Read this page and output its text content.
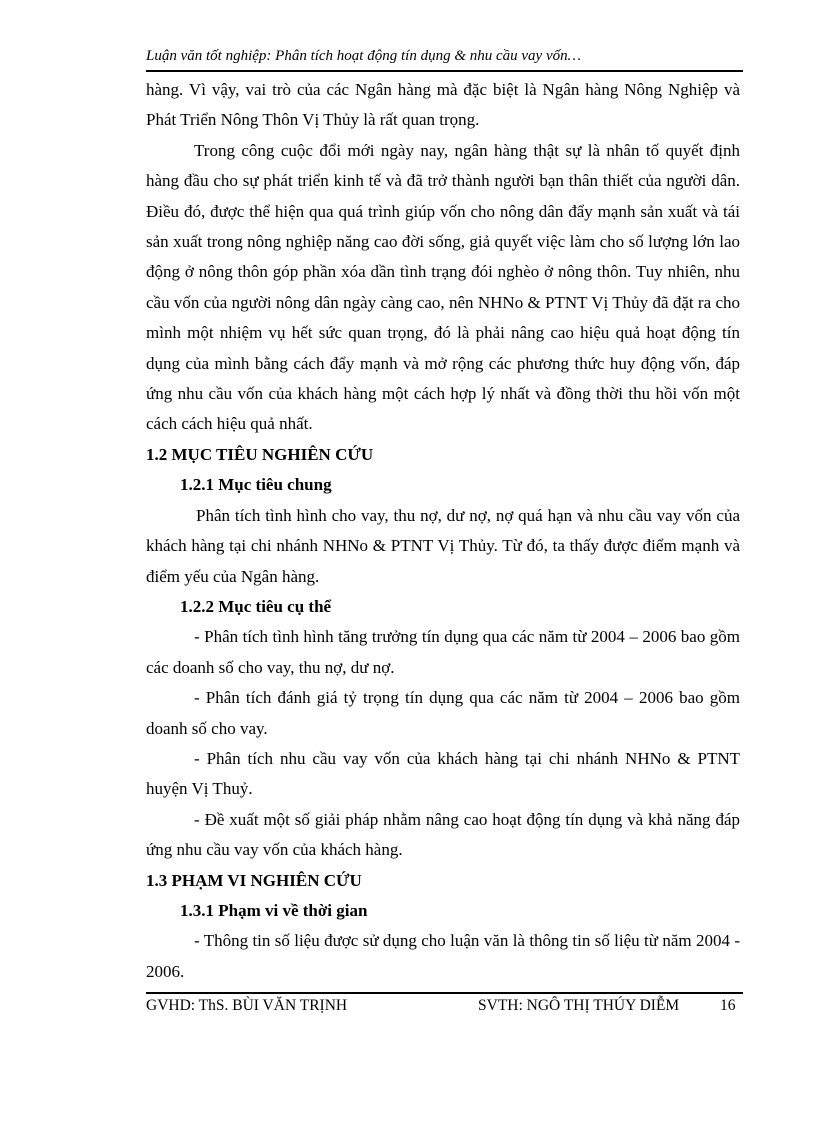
Luận văn tốt nghiệp: Phân tích hoạt động tín dụng & nhu cầu vay vốn…

hàng. Vì vậy, vai trò của các Ngân hàng mà đặc biệt là Ngân hàng Nông Nghiệp và Phát Triển Nông Thôn Vị Thủy là rất quan trọng.

Trong công cuộc đổi mới ngày nay, ngân hàng thật sự là nhân tố quyết định hàng đầu cho sự phát triển kinh tế và đã trở thành người bạn thân thiết của người dân. Điều đó, được thể hiện qua quá trình giúp vốn cho nông dân đẩy mạnh sản xuất và tái sản xuất trong nông nghiệp năng cao đời sống, giả quyết việc làm cho số lượng lớn lao động ở nông thôn góp phần xóa dần tình trạng đói nghèo ở nông thôn. Tuy nhiên, nhu cầu vốn của người nông dân ngày càng cao, nên NHNo & PTNT Vị Thủy đã đặt ra cho mình một nhiệm vụ hết sức quan trọng, đó là phải nâng cao hiệu quả hoạt động tín dụng của mình bằng cách đẩy mạnh và mở rộng các phương thức huy động vốn, đáp ứng nhu cầu vốn của khách hàng một cách hợp lý nhất và đồng thời thu hồi vốn một cách cách hiệu quả nhất.

1.2 MỤC TIÊU NGHIÊN CỨU
1.2.1 Mục tiêu chung

Phân tích tình hình cho vay, thu nợ, dư nợ, nợ quá hạn và nhu cầu vay vốn của khách hàng tại chi nhánh NHNo & PTNT Vị Thủy. Từ đó, ta thấy được điểm mạnh và điểm yếu của Ngân hàng.

1.2.2 Mục tiêu cụ thể

- Phân tích tình hình tăng trưởng tín dụng qua các năm từ 2004 – 2006 bao gồm các doanh số cho vay, thu nợ, dư nợ.

- Phân tích đánh giá tỷ trọng tín dụng qua các năm từ 2004 – 2006 bao gồm doanh số cho vay.

- Phân tích nhu cầu vay vốn của khách hàng tại chi nhánh NHNo & PTNT huyện Vị Thuỷ.

- Đề xuất một số giải pháp nhằm nâng cao hoạt động tín dụng và khả năng đáp ứng nhu cầu vay vốn của khách hàng.

1.3 PHẠM VI NGHIÊN CỨU
1.3.1 Phạm vi về thời gian

- Thông tin số liệu được sử dụng cho luận văn là thông tin số liệu từ năm 2004 - 2006.

GVHD: ThS. BÙI VĂN TRỊNH	SVTH: NGÔ THỊ THÚY DIỄM	16
